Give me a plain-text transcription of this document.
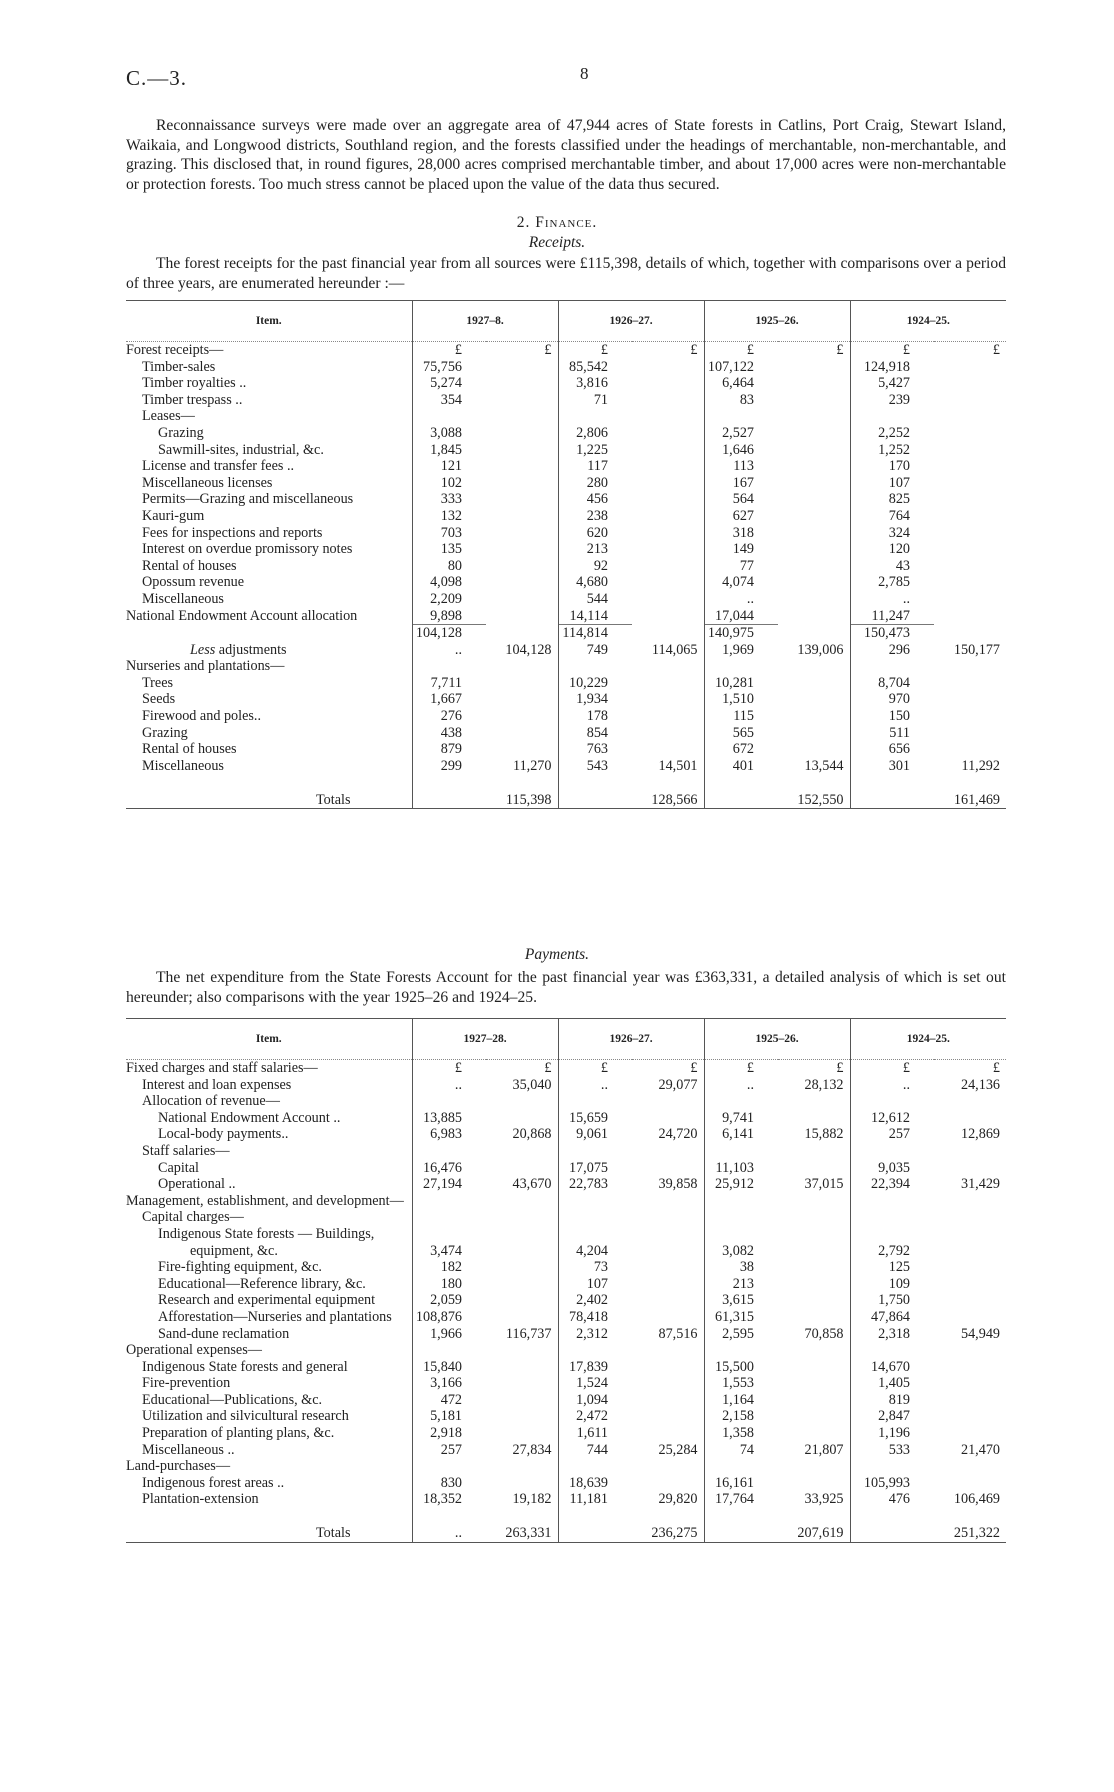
C.—3.	8
Reconnaissance surveys were made over an aggregate area of 47,944 acres of State forests in Catlins, Port Craig, Stewart Island, Waikaia, and Longwood districts, Southland region, and the forests classified under the headings of merchantable, non-merchantable, and grazing. This disclosed that, in round figures, 28,000 acres comprised merchantable timber, and about 17,000 acres were non-merchantable or protection forests. Too much stress cannot be placed upon the value of the data thus secured.
2. Finance.
Receipts.
The forest receipts for the past financial year from all sources were £115,398, details of which, together with comparisons over a period of three years, are enumerated hereunder :—
Item.	1927–8.		1926–27.		1925–26.		1924–25.	
Forest receipts—	£	£	£	£	£	£	£	£
Timber-sales	75,756		85,542		107,122		124,918	
Timber royalties ..	5,274		3,816		6,464		5,427	
Timber trespass ..	354		71		83		239	
Leases—								
Grazing	3,088		2,806		2,527		2,252	
Sawmill-sites, industrial, &c.	1,845		1,225		1,646		1,252	
License and transfer fees ..	121		117		113		170	
Miscellaneous licenses	102		280		167		107	
Permits—Grazing and miscellaneous	333		456		564		825	
Kauri-gum	132		238		627		764	
Fees for inspections and reports	703		620		318		324	
Interest on overdue promissory notes	135		213		149		120	
Rental of houses	80		92		77		43	
Opossum revenue	4,098		4,680		4,074		2,785	
Miscellaneous	2,209		544		..		..	
National Endowment Account allocation	9,898		14,114		17,044		11,247	
	104,128		114,814		140,975		150,473	
Less adjustments	..	104,128	749	114,065	1,969	139,006	296	150,177
Nurseries and plantations—								
Trees	7,711		10,229		10,281		8,704	
Seeds	1,667		1,934		1,510		970	
Firewood and poles..	276		178		115		150	
Grazing	438		854		565		511	
Rental of houses	879		763		672		656	
Miscellaneous	299	11,270	543	14,501	401	13,544	301	11,292

Totals		115,398		128,566		152,550		161,469
Payments.
The net expenditure from the State Forests Account for the past financial year was £363,331, a detailed analysis of which is set out hereunder; also comparisons with the year 1925–26 and 1924–25.
Item.	1927–28.		1926–27.		1925–26.		1924–25.	
Fixed charges and staff salaries—	£	£	£	£	£	£	£	£
Interest and loan expenses	..	35,040	..	29,077	..	28,132	..	24,136
Allocation of revenue—								
National Endowment Account ..	13,885		15,659		9,741		12,612	
Local-body payments..	6,983	20,868	9,061	24,720	6,141	15,882	257	12,869
Staff salaries—								
Capital	16,476		17,075		11,103		9,035	
Operational ..	27,194	43,670	22,783	39,858	25,912	37,015	22,394	31,429
Management, establishment, and development—								
Capital charges—								
Indigenous State forests — Buildings,								
equipment, &c.	3,474		4,204		3,082		2,792	
Fire-fighting equipment, &c.	182		73		38		125	
Educational—Reference library, &c.	180		107		213		109	
Research and experimental equipment	2,059		2,402		3,615		1,750	
Afforestation—Nurseries and plantations	108,876		78,418		61,315		47,864	
Sand-dune reclamation	1,966	116,737	2,312	87,516	2,595	70,858	2,318	54,949
Operational expenses—								
Indigenous State forests and general	15,840		17,839		15,500		14,670	
Fire-prevention	3,166		1,524		1,553		1,405	
Educational—Publications, &c.	472		1,094		1,164		819	
Utilization and silvicultural research	5,181		2,472		2,158		2,847	
Preparation of planting plans, &c.	2,918		1,611		1,358		1,196	
Miscellaneous ..	257	27,834	744	25,284	74	21,807	533	21,470
Land-purchases—								
Indigenous forest areas ..	830		18,639		16,161		105,993	
Plantation-extension	18,352	19,182	11,181	29,820	17,764	33,925	476	106,469

Totals	..	263,331		236,275		207,619		251,322
